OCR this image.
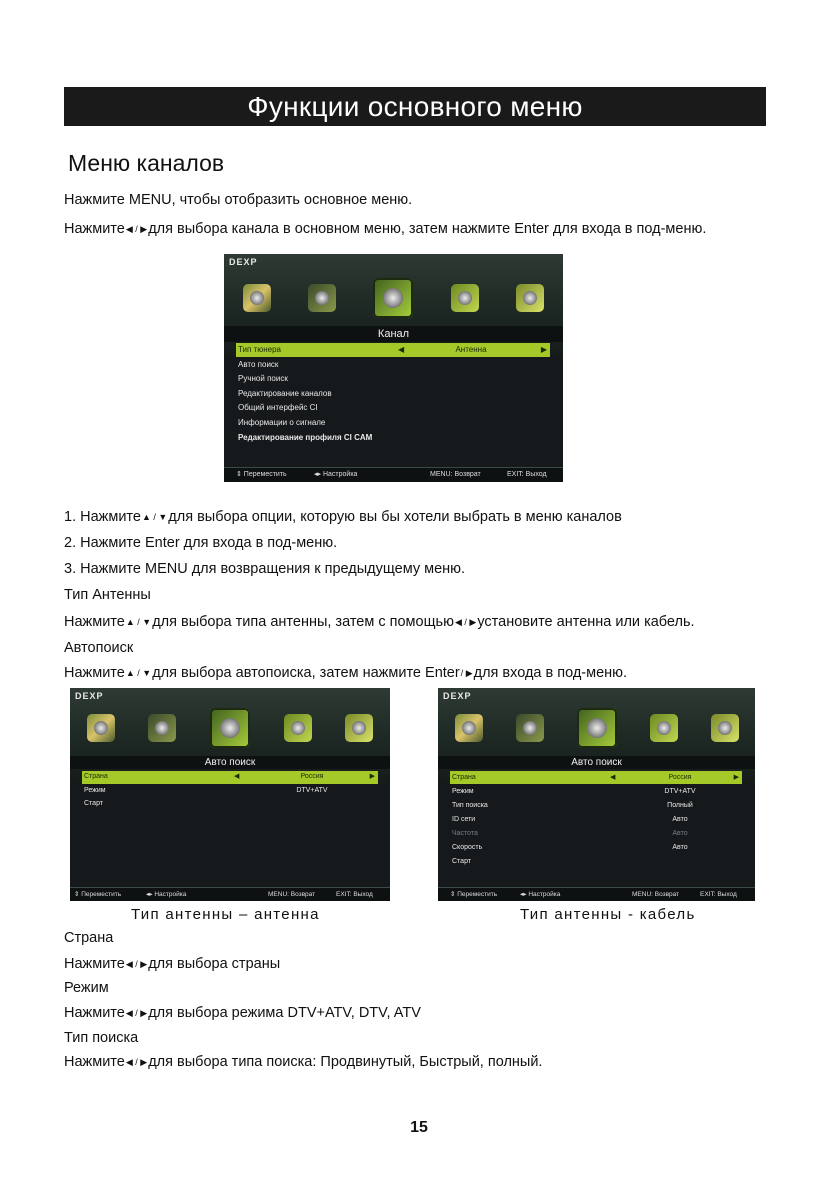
Функции основного меню
Меню каналов
Нажмите MENU, чтобы отобразить основное меню.
Нажмите◀ / ▶для выбора канала в основном меню, затем нажмите Enter для входа в под-меню.
DEXP
Канал
Тип тюнера	◀	Антенна	▶
Авто поиск
Ручной поиск
Редактирование каналов
Общий интерфейс CI
Информации о сигнале
Редактирование профиля CI CAM
⇕ Переместить	◂▸ Настройка	MENU: Возврат	EXIT: Выход
1. Нажмите▲ / ▼для выбора опции, которую вы бы хотели выбрать в меню каналов
2. Нажмите Enter для входа в под-меню.
3. Нажмите MENU для возвращения к предыдущему меню.
Тип Антенны
Нажмите▲ / ▼для выбора типа антенны, затем с помощью◀ / ▶установите антенна или кабель.
Автопоиск
Нажмите▲ / ▼для выбора автопоиска, затем нажмите Enter/ ▶для входа в под-меню.
DEXP
Авто поиск
Страна	◀	Россия	▶
Режим	DTV+ATV
Старт
⇕ Переместить	◂▸ Настройка	MENU: Возврат	EXIT: Выход
Тип антенны – антенна
DEXP
Авто поиск
Страна	◀	Россия	▶
Режим	DTV+ATV
Тип поиска	Полный
ID сети	Авто
Частота	Авто
Скорость	Авто
Старт
⇕ Переместить	◂▸ Настройка	MENU: Возврат	EXIT: Выход
Тип антенны - кабель
Страна
Нажмите◀ / ▶для выбора страны
Режим
Нажмите◀ / ▶для выбора режима DTV+ATV, DTV, ATV
Тип поиска
Нажмите◀ / ▶для выбора типа поиска: Продвинутый, Быстрый, полный.
15
